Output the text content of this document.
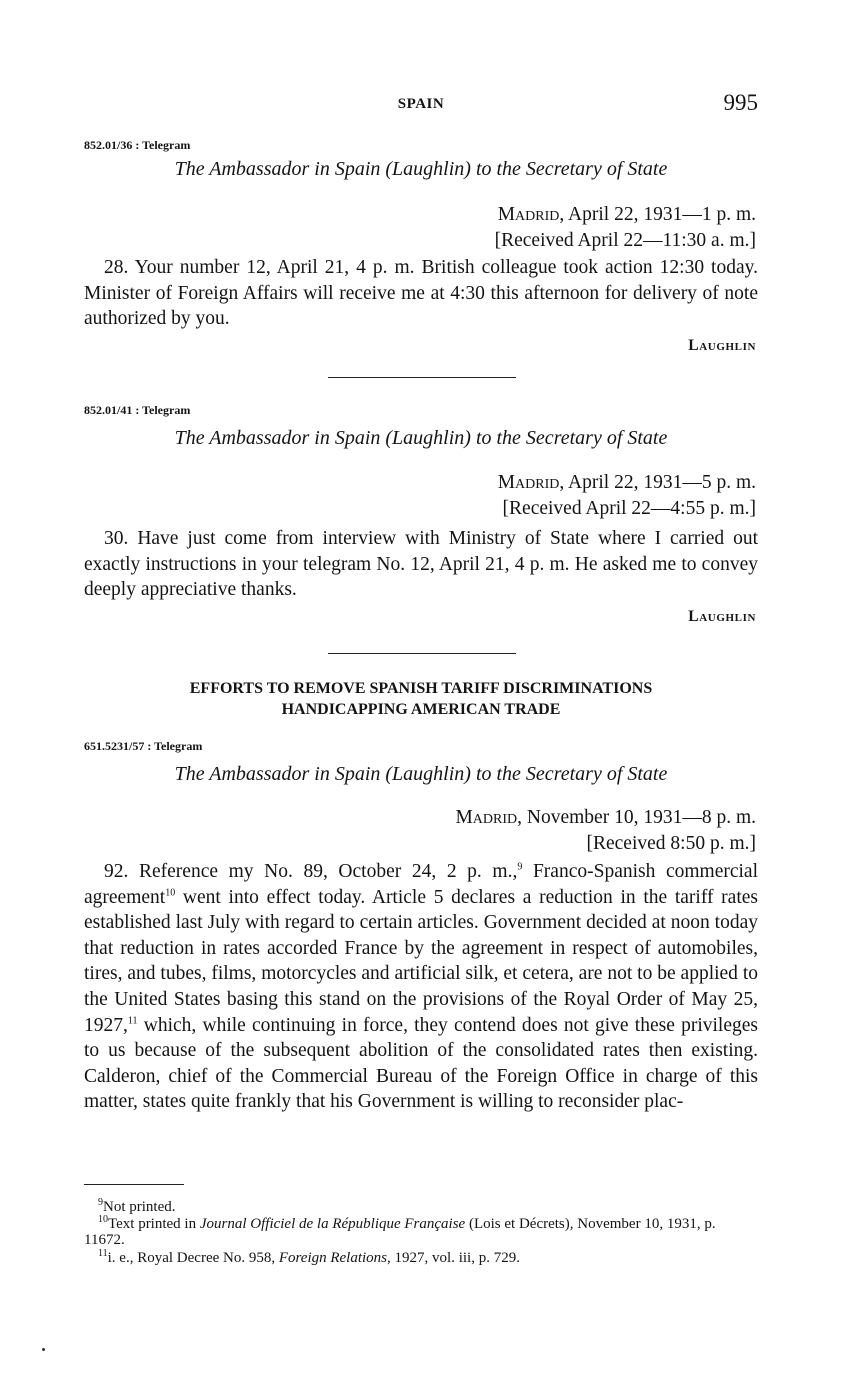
SPAIN	995
852.01/36 : Telegram
The Ambassador in Spain (Laughlin) to the Secretary of State
Madrid, April 22, 1931—1 p. m.
[Received April 22—11:30 a. m.]

28. Your number 12, April 21, 4 p. m. British colleague took action 12:30 today. Minister of Foreign Affairs will receive me at 4:30 this afternoon for delivery of note authorized by you.

Laughlin
852.01/41 : Telegram
The Ambassador in Spain (Laughlin) to the Secretary of State
Madrid, April 22, 1931—5 p. m.
[Received April 22—4:55 p. m.]

30. Have just come from interview with Ministry of State where I carried out exactly instructions in your telegram No. 12, April 21, 4 p. m. He asked me to convey deeply appreciative thanks.

Laughlin
EFFORTS TO REMOVE SPANISH TARIFF DISCRIMINATIONS
HANDICAPPING AMERICAN TRADE
651.5231/57 : Telegram
The Ambassador in Spain (Laughlin) to the Secretary of State
Madrid, November 10, 1931—8 p. m.
[Received 8:50 p. m.]

92. Reference my No. 89, October 24, 2 p. m.,$^9$ Franco-Spanish commercial agreement$^{10}$ went into effect today. Article 5 declares a reduction in the tariff rates established last July with regard to certain articles. Government decided at noon today that reduction in rates accorded France by the agreement in respect of automobiles, tires, and tubes, films, motorcycles and artificial silk, et cetera, are not to be applied to the United States basing this stand on the provisions of the Royal Order of May 25, 1927,11 which, while continuing in force, they contend does not give these privileges to us because of the subsequent abolition of the consolidated rates then existing. Calderon, chief of the Commercial Bureau of the Foreign Office in charge of this matter, states quite frankly that his Government is willing to reconsider plac-

$^9$Not printed.

$^{10}$Text printed in Journal Officiel de la République Française (Lois et Décrets), November 10, 1931, p. 11672.

$^{11}$i. e., Royal Decree No. 958, Foreign Relations, 1927, vol. iii, p. 729.
